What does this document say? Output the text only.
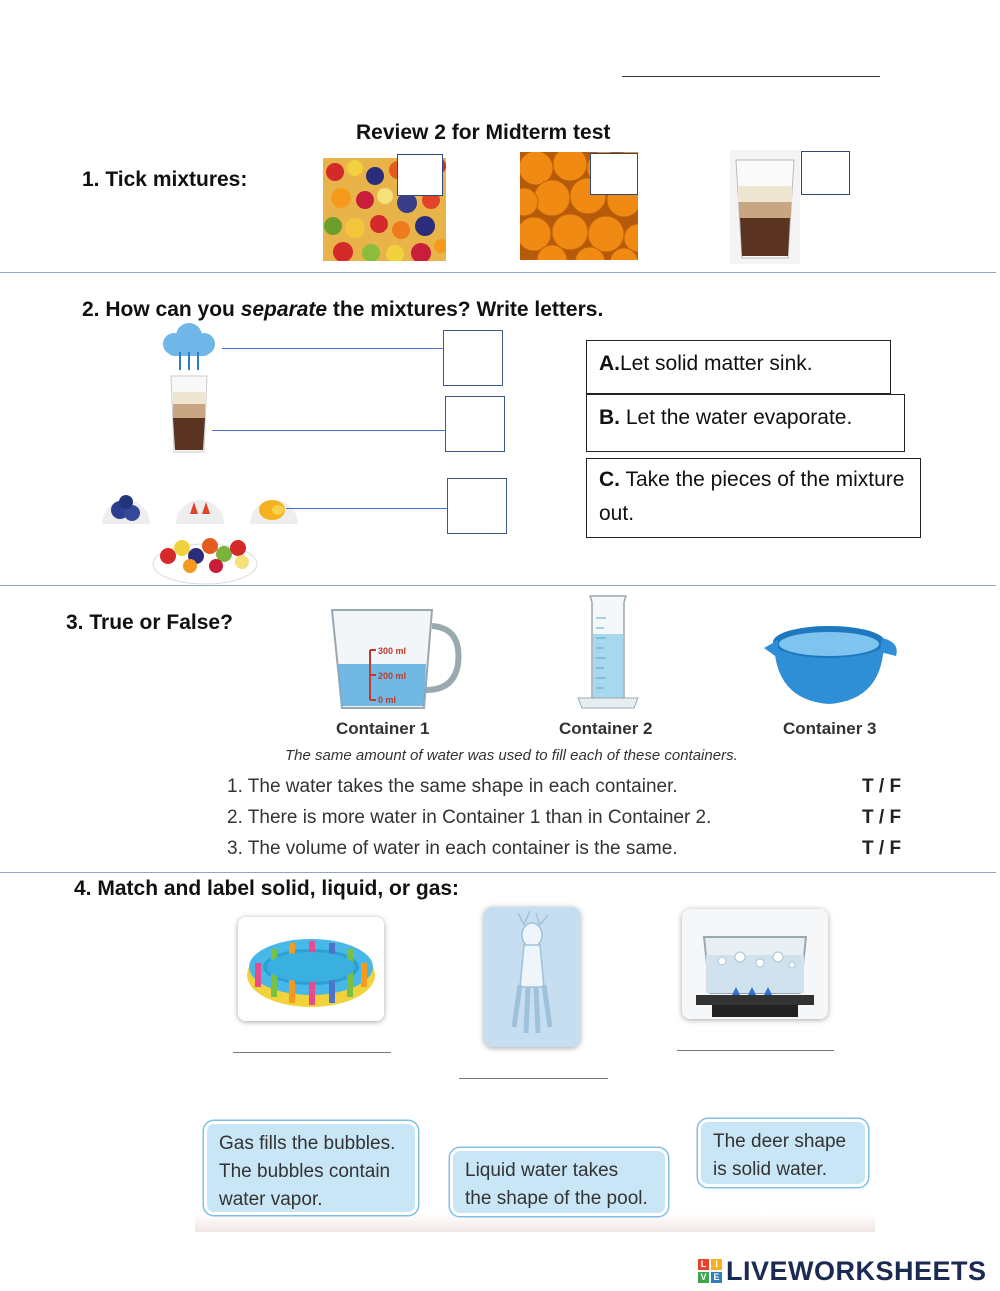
Review 2 for Midterm test
1. Tick mixtures:
2. How can you separate the mixtures? Write letters.
A.Let solid matter sink.
B. Let the water evaporate.
C. Take the pieces of the mixture out.
3. True or False?
300 ml
200 ml
0 ml
Container 1	Container 2	Container 3
The same amount of water was used to fill each of these containers.
1. The water takes the same shape in each container.	T / F
2. There is more water in Container 1 than in Container 2.	T / F
3. The volume of water in each container is the same.	T / F
4. Match and label solid, liquid, or gas:
Gas fills the bubbles.
The bubbles contain
water vapor.
Liquid water takes
the shape of the pool.
The deer shape
is solid water.
L I
V E LIVEWORKSHEETS
